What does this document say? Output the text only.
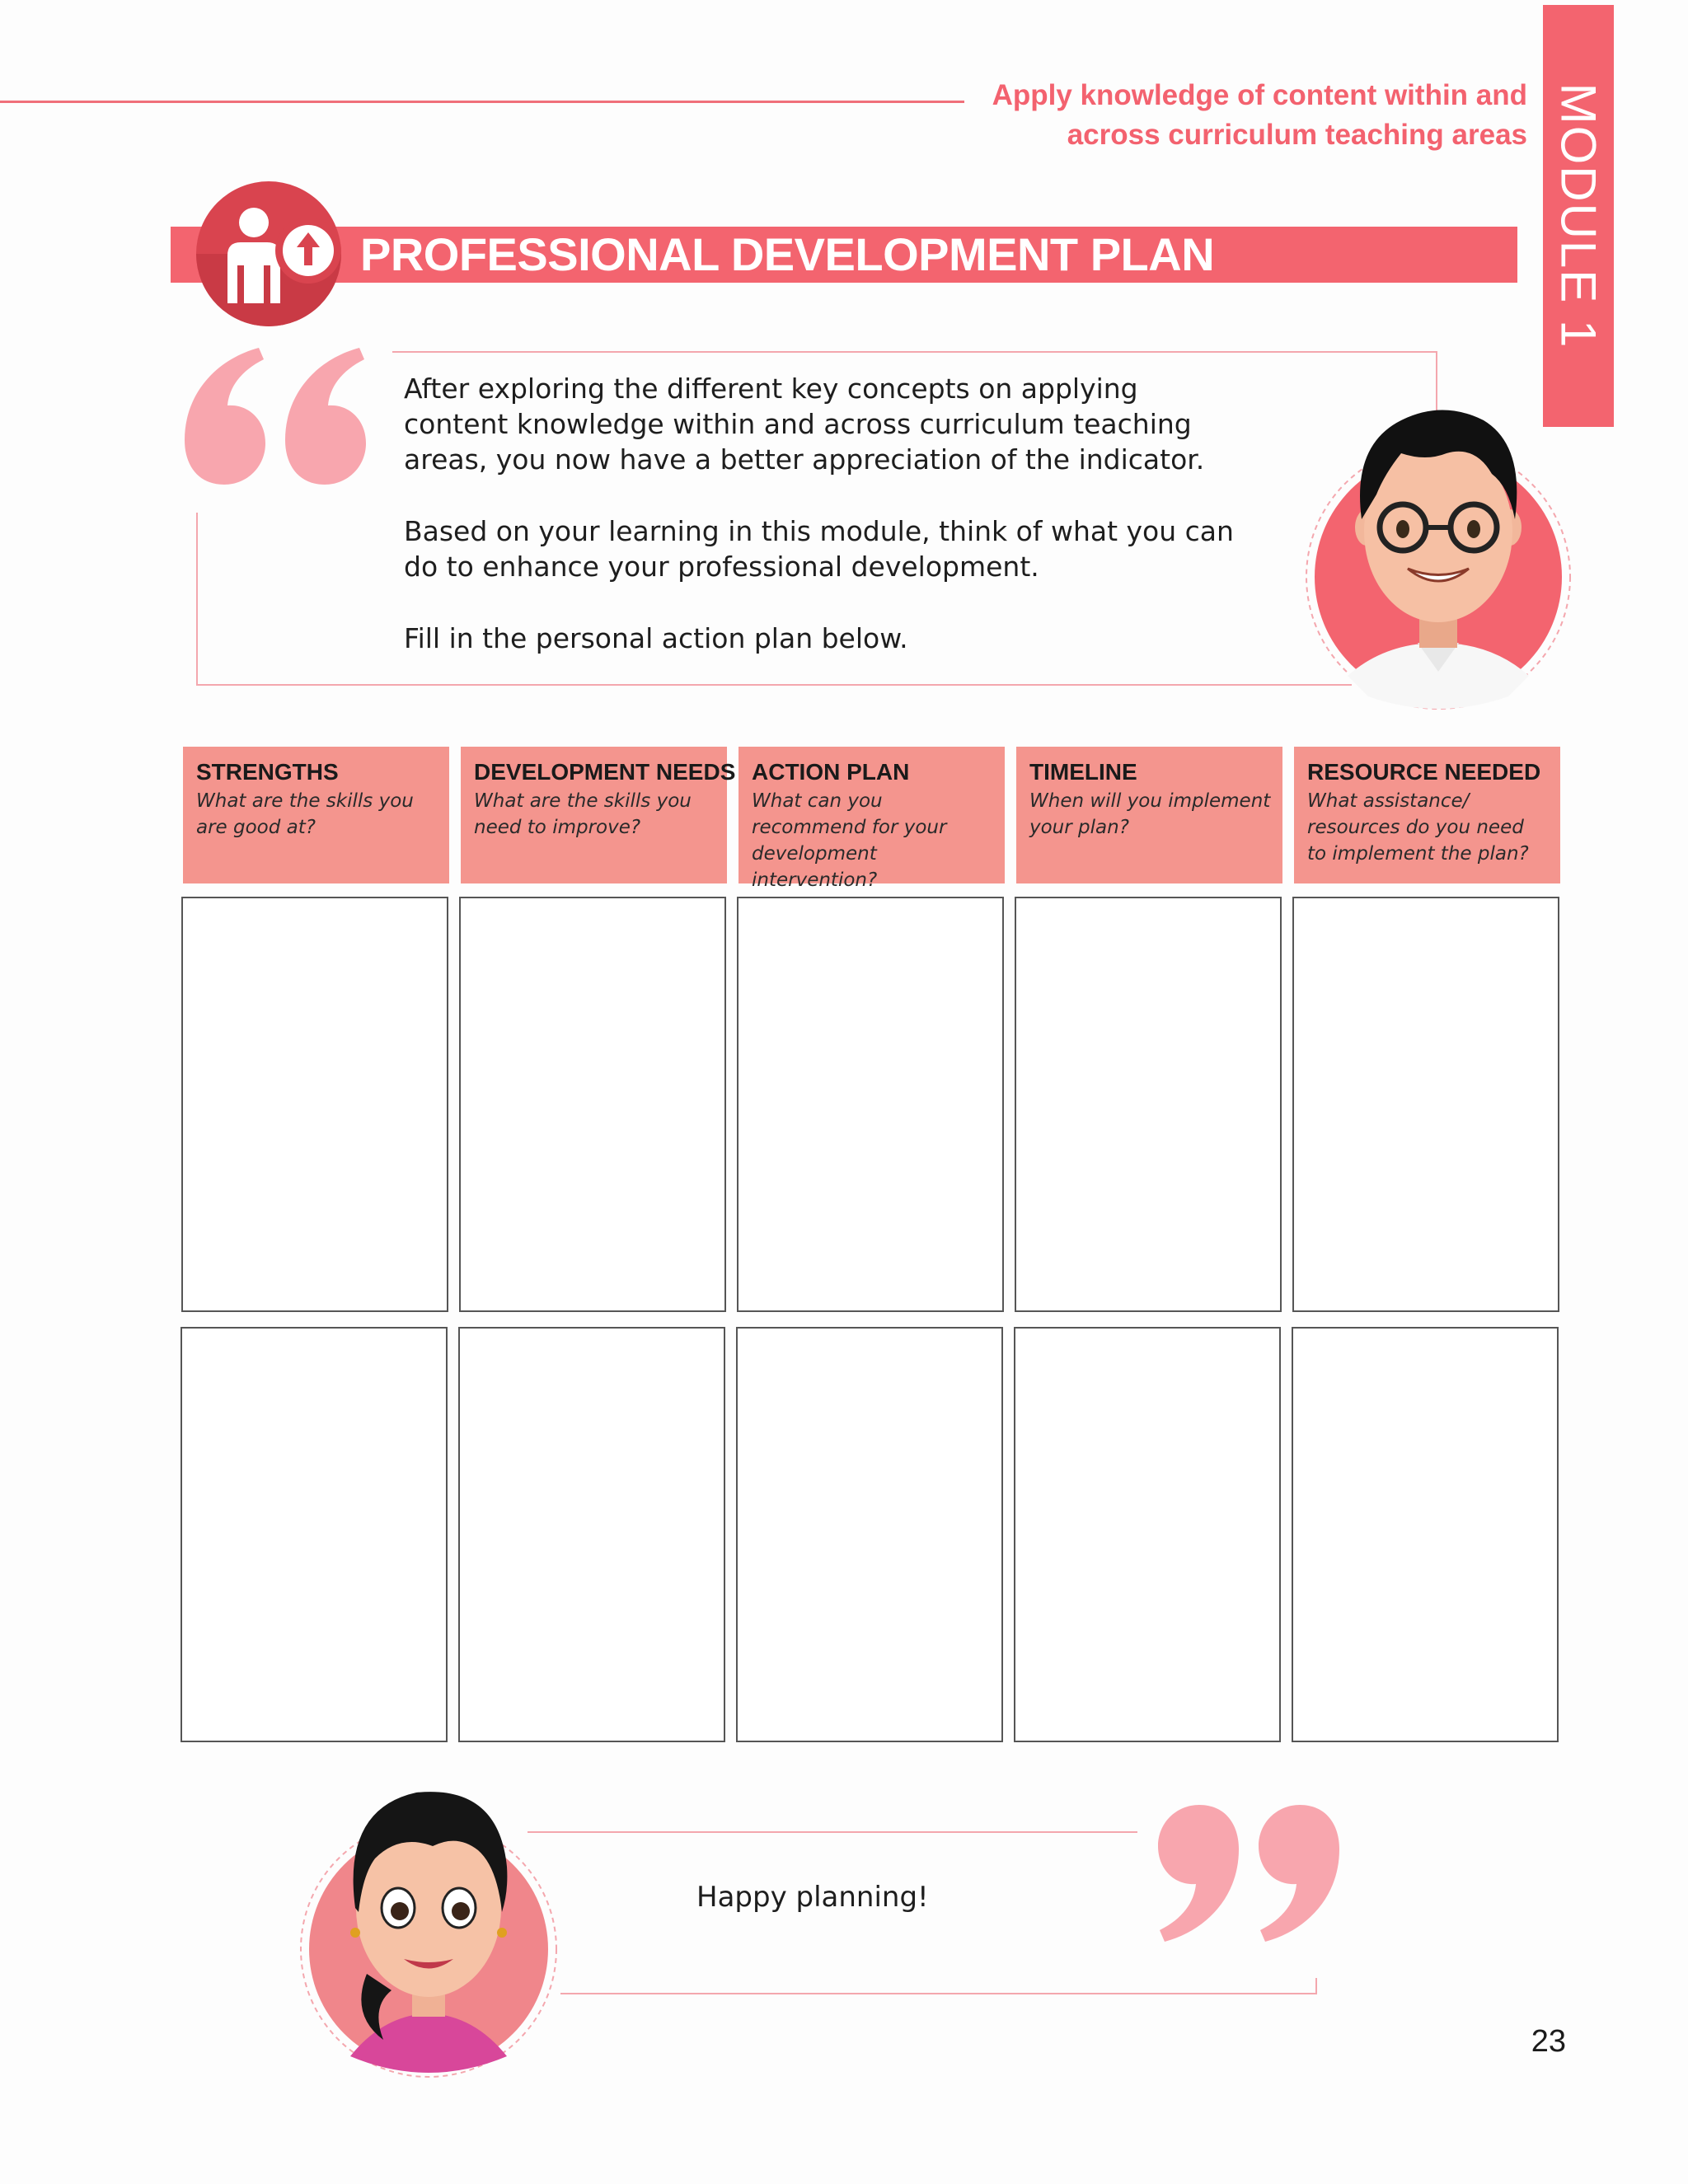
Apply knowledge of content within and
across curriculum teaching areas MODULE 1
PROFESSIONAL DEVELOPMENT PLAN

After exploring the different key concepts on applying content knowledge within and across curriculum teaching areas, you now have a better appreciation of the indicator.

Based on your learning in this module, think of what you can do to enhance your professional development.

Fill in the personal action plan below.

STRENGTHS
What are the skills you are good at?
DEVELOPMENT NEEDS
What are the skills you need to improve?
ACTION PLAN
What can you recommend for your development intervention?
TIMELINE
When will you implement your plan?
RESOURCE NEEDED
What assistance/ resources do you need to implement the plan?
Happy planning!
23
